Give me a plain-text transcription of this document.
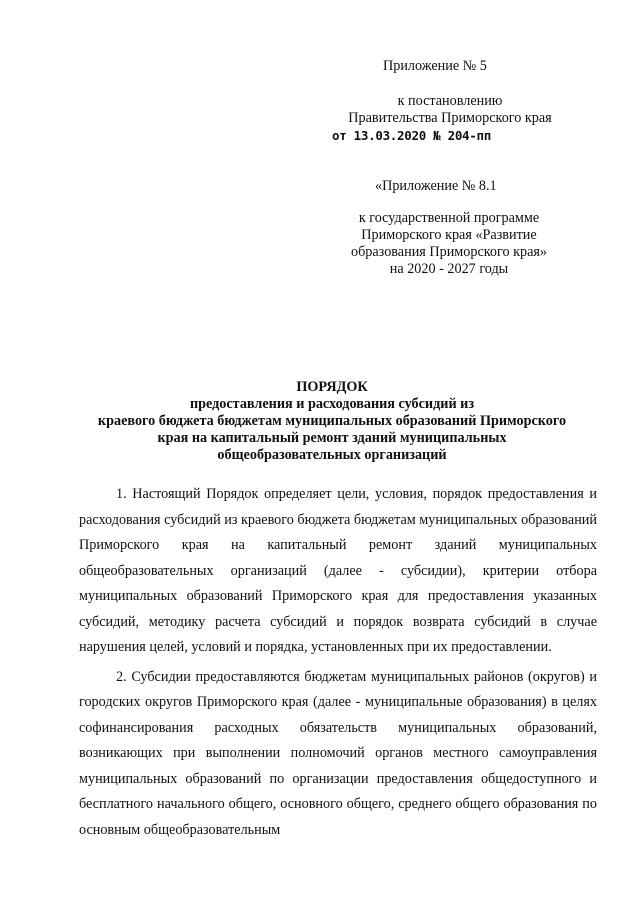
Приложение № 5
к постановлению
Правительства Приморского края
от 13.03.2020 № 204-пп
«Приложение № 8.1
к государственной программе
Приморского края «Развитие
образования Приморского края»
на 2020 - 2027 годы
ПОРЯДОК
предоставления и расходования субсидий из
краевого бюджета бюджетам муниципальных образований Приморского
края на капитальный ремонт зданий муниципальных
общеобразовательных организаций

1. Настоящий Порядок определяет цели, условия, порядок предоставления и расходования субсидий из краевого бюджета бюджетам муниципальных образований Приморского края на капитальный ремонт зданий муниципальных общеобразовательных организаций (далее - субсидии), критерии отбора муниципальных образований Приморского края для предоставления указанных субсидий, методику расчета субсидий и порядок возврата субсидий в случае нарушения целей, условий и порядка, установленных при их предоставлении.

2. Субсидии предоставляются бюджетам муниципальных районов (округов) и городских округов Приморского края (далее - муниципальные образования) в целях софинансирования расходных обязательств муниципальных образований, возникающих при выполнении полномочий органов местного самоуправления муниципальных образований по организации предоставления общедоступного и бесплатного начального общего, основного общего, среднего общего образования по основным общеобразовательным
